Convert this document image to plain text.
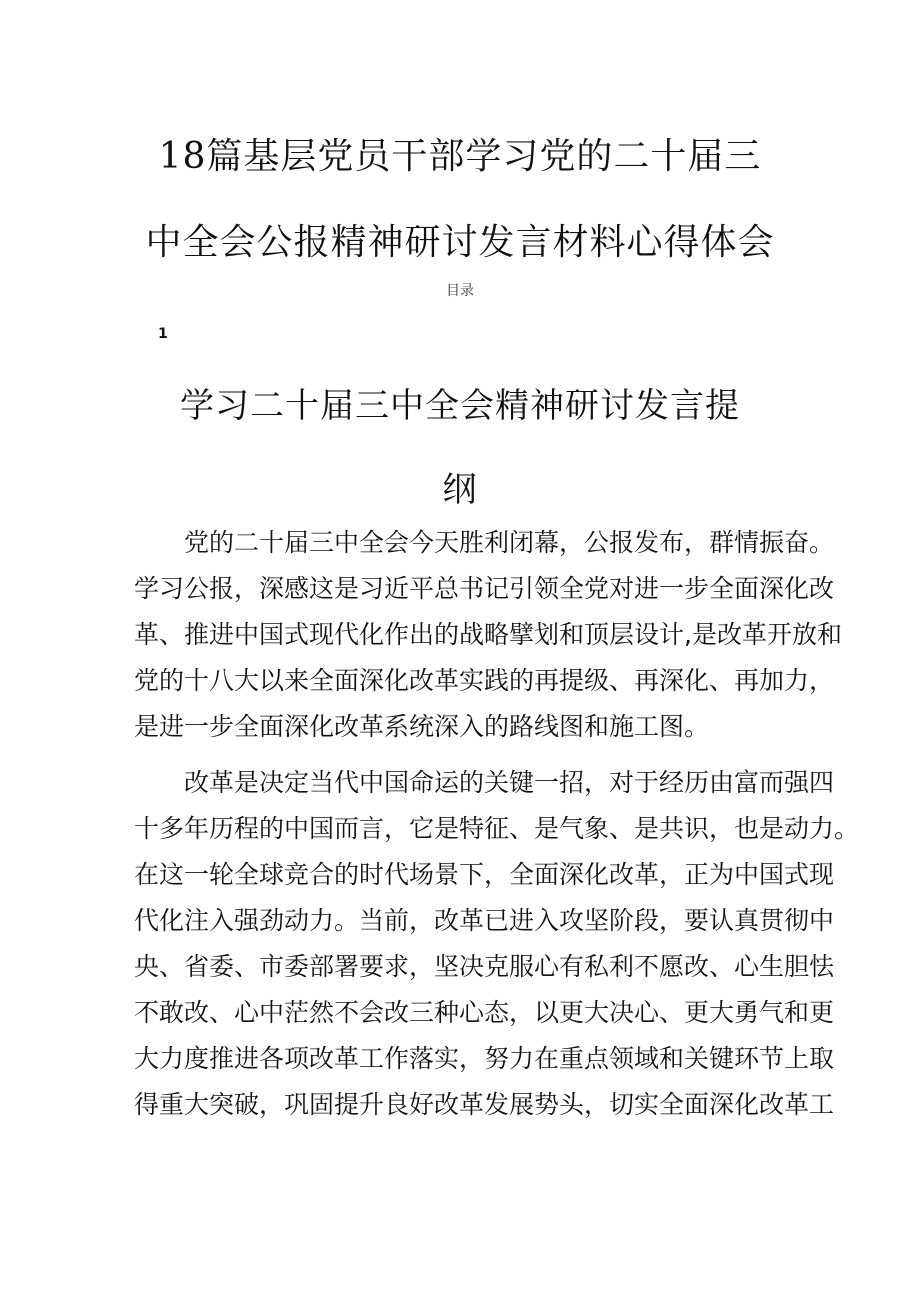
18篇基层党员干部学习党的二十届三
中全会公报精神研讨发言材料心得体会
目录
1
学习二十届三中全会精神研讨发言提
纲
党的二十届三中全会今天胜利闭幕，公报发布，群情振奋。
学习公报，深感这是习近平总书记引领全党对进一步全面深化改
革、推进中国式现代化作出的战略擘划和顶层设计,是改革开放和
党的十八大以来全面深化改革实践的再提级、再深化、再加力，
是进一步全面深化改革系统深入的路线图和施工图。
改革是决定当代中国命运的关键一招，对于经历由富而强四
十多年历程的中国而言，它是特征、是气象、是共识，也是动力。
在这一轮全球竞合的时代场景下，全面深化改革，正为中国式现
代化注入强劲动力。当前，改革已进入攻坚阶段，要认真贯彻中
央、省委、市委部署要求，坚决克服心有私利不愿改、心生胆怯
不敢改、心中茫然不会改三种心态，以更大决心、更大勇气和更
大力度推进各项改革工作落实，努力在重点领域和关键环节上取
得重大突破，巩固提升良好改革发展势头，切实全面深化改革工
